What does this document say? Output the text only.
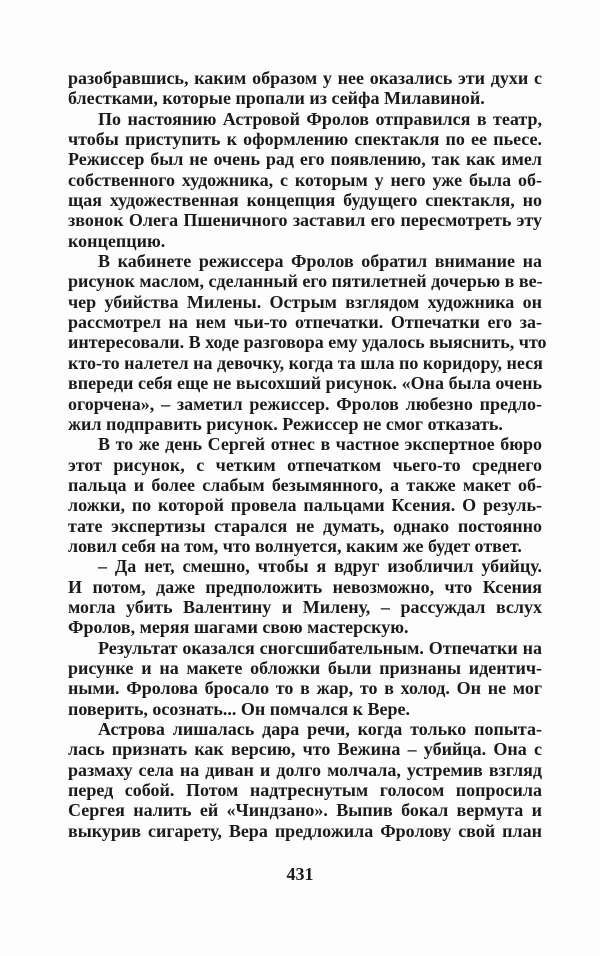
разобравшись, каким образом у нее оказались эти духи с
блестками, которые пропали из сейфа Милавиной.
По настоянию Астровой Фролов отправился в театр,
чтобы приступить к оформлению спектакля по ее пьесе.
Режиссер был не очень рад его появлению, так как имел
собственного художника, с которым у него уже была об-
щая художественная концепция будущего спектакля, но
звонок Олега Пшеничного заставил его пересмотреть эту
концепцию.
В кабинете режиссера Фролов обратил внимание на
рисунок маслом, сделанный его пятилетней дочерью в ве-
чер убийства Милены. Острым взглядом художника он
рассмотрел на нем чьи-то отпечатки. Отпечатки его за-
интересовали. В ходе разговора ему удалось выяснить, что
кто-то налетел на девочку, когда та шла по коридору, неся
впереди себя еще не высохший рисунок. «Она была очень
огорчена», – заметил режиссер. Фролов любезно предло-
жил подправить рисунок. Режиссер не смог отказать.
В то же день Сергей отнес в частное экспертное бюро
этот рисунок, с четким отпечатком чьего-то среднего
пальца и более слабым безымянного, а также макет об-
ложки, по которой провела пальцами Ксения. О резуль-
тате экспертизы старался не думать, однако постоянно
ловил себя на том, что волнуется, каким же будет ответ.
– Да нет, смешно, чтобы я вдруг изобличил убийцу.
И потом, даже предположить невозможно, что Ксения
могла убить Валентину и Милену, – рассуждал вслух
Фролов, меряя шагами свою мастерскую.
Результат оказался сногсшибательным. Отпечатки на
рисунке и на макете обложки были признаны идентич-
ными. Фролова бросало то в жар, то в холод. Он не мог
поверить, осознать... Он помчался к Вере.
Астрова лишалась дара речи, когда только попыта-
лась признать как версию, что Вежина – убийца. Она с
размаху села на диван и долго молчала, устремив взгляд
перед собой. Потом надтреснутым голосом попросила
Сергея налить ей «Чиндзано». Выпив бокал вермута и
выкурив сигарету, Вера предложила Фролову свой план
431
